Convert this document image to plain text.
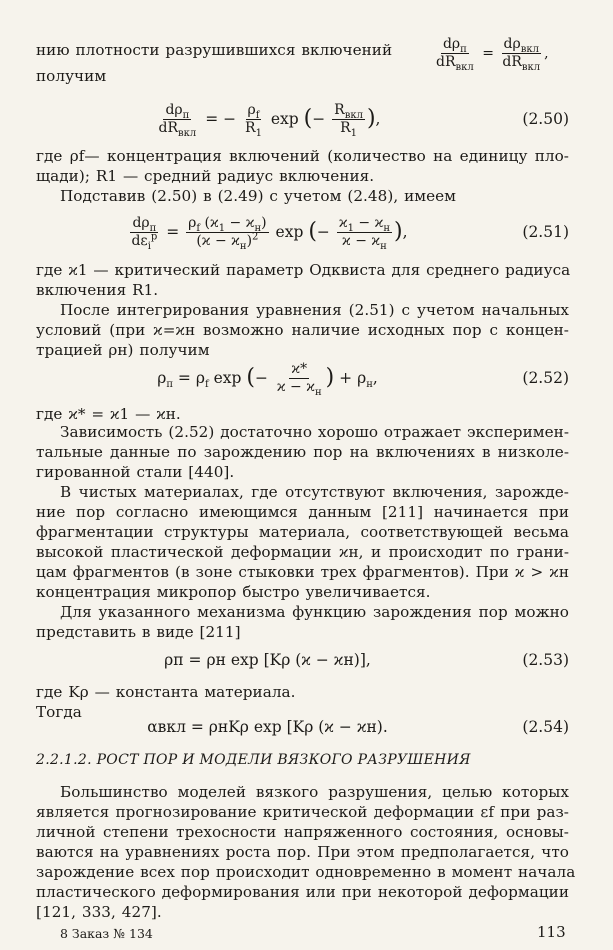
нию плотности разрушившихся включений	$\frac{d\rho_п}{dR_{вкл}} = \frac{d\rho_{вкл}}{dR_{вкл}}$ ,
получим
$\frac{d\rho_п}{dR_{вкл}}$ = − $\frac{\rho_f}{R_1}$ exp ( − $\frac{R_{вкл}}{R_1}$ ) ,	(2.50)
где ρf— концентрация включений (количество на единицу пло-
щади); R1 — средний радиус включения.
Подставив (2.50) в (2.49) с учетом (2.48), имеем
$\frac{d\rho_п}{d\varepsilon_i^p} = \frac{\rho_f (ϰ_1 - ϰ_н)}{(ϰ - ϰ_н)^2}$ exp ( − $\frac{ϰ_1 - ϰ_н}{ϰ - ϰ_н}$ ) ,	(2.51)
где ϰ1 — критический параметр Одквиста для среднего радиуса
включения R1.
После интегрирования уравнения (2.51) с учетом начальных
условий (при ϰ=ϰн возможно наличие исходных пор с концен-
трацией ρн) получим
$\rho_п = \rho_f$ exp ( − $\frac{ϰ*}{ϰ - ϰ_н}$ ) + $\rho_н$,	(2.52)
где ϰ* = ϰ1 — ϰн.
Зависимость (2.52) достаточно хорошо отражает эксперимен-
тальные данные по зарождению пор на включениях в низколе-
гированной стали [440].
В чистых материалах, где отсутствуют включения, зарожде-
ние пор согласно имеющимся данным [211] начинается при
фрагментации структуры материала, соответствующей весьма
высокой пластической деформации ϰн, и происходит по грани-
цам фрагментов (в зоне стыковки трех фрагментов). При ϰ > ϰн
концентрация микропор быстро увеличивается.
Для указанного механизма функцию зарождения пор можно
представить в виде [211]
ρп = ρн exp [Kρ (ϰ − ϰн)],	(2.53)
где Kρ — константа материала.
Тогда
αвкл = ρнKρ exp [Kρ (ϰ − ϰн).	(2.54)
2.2.1.2. РОСТ ПОР И МОДЕЛИ ВЯЗКОГО РАЗРУШЕНИЯ
Большинство моделей вязкого разрушения, целью которых
является прогнозирование критической деформации εf при раз-
личной степени трехосности напряженного состояния, основы-
ваются на уравнениях роста пор. При этом предполагается, что
зарождение всех пор происходит одновременно в момент начала
пластического деформирования или при некоторой деформации
[121, 333, 427].
8 Заказ № 134	113
